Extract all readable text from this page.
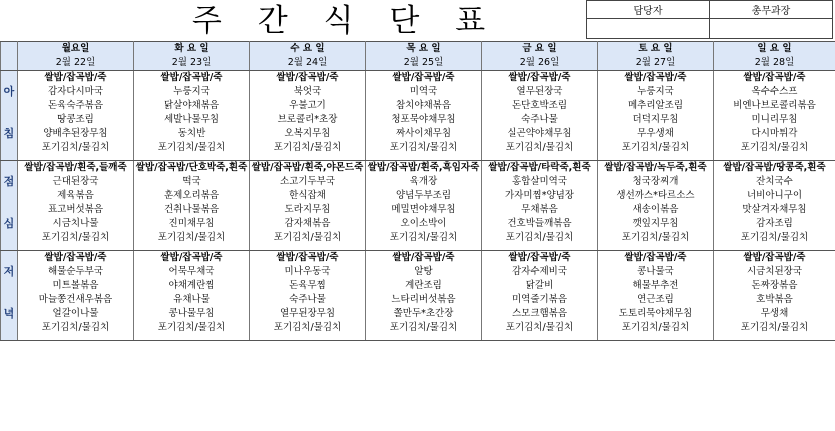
주 간 식 단 표	담당자	총무과장

	월요일	화 요 일	수 요 일	목 요 일	금 요 일	토 요 일	일 요 일
	2월 22일	2월 23일	2월 24일	2월 25일	2월 26일	2월 27일	2월 28일
	쌀밥/잡곡밥/죽	쌀밥/잡곡밥/죽	쌀밥/잡곡밥/죽	쌀밥/잡곡밥/죽	쌀밥/잡곡밥/죽	쌀밥/잡곡밥/죽	쌀밥/잡곡밥/죽
아	감자다시마국	누룽지국	북엇국	미역국	열무된장국	누룽지국	옥수수스프
	돈육숙주볶음	닭살야채볶음	우불고기	참치야채볶음	돈단호박조림	메추리알조림	비엔나브로콜리볶음
	땅콩조림	세발나물무침	브로콜리*초장	청포묵야채무침	숙주나물	더덕지무침	미니리무침
침	양배추된장무침	동치반	오복지무침	짜사이채무침	실곤약야채무침	무우생채	다시마튀각
	포기김치/물김치	포기김치/물김치	포기김치/물김치	포기김치/물김치	포기김치/물김치	포기김치/물김치	포기김치/물김치

	쌀밥/잡곡밥/흰죽,들깨죽	쌀밥/잡곡밥/단호박죽,흰죽	쌀밥/잡곡밥/흰죽,야몬드죽	쌀밥/잡곡밥/흰죽,흑임자죽	쌀밥/잡곡밥/타락죽,흰죽	쌀밥/잡곡밥/녹두죽,흰죽	쌀밥/잡곡밥/땅콩죽,흰죽
점	근대된장국	떡국	소고기두부국	육개장	홍합살미역국	청국장찌개	잔치국수
	제육볶음	훈제오리볶음	한식잡채	양념두부조림	가자미찜*양념장	생선까스*타르소스	너비아니구이
	표고버섯볶음	건취나물볶음	도라지무침	메밀면야채무침	무채볶음	새송이볶음	맛살겨자채무침
심	시금치나물	진미채무침	감자채볶음	오이소박이	건호박들깨볶음	깻잎지무침	감자조림
	포기김치/물김치	포기김치/물김치	포기김치/물김치	포기김치/물김치	포기김치/물김치	포기김치/물김치	포기김치/물김치

	쌀밥/잡곡밥/죽	쌀밥/잡곡밥/죽	쌀밥/잡곡밥/죽	쌀밥/잡곡밥/죽	쌀밥/잡곡밥/죽	쌀밥/잡곡밥/죽	쌀밥/잡곡밥/죽
저	해물순두부국	어묵무채국	미나우동국	알탕	감자수제비국	콩나물국	시금치된장국
	미트볼볶음	야채계란찜	돈육무찜	계란조림	닭갈비	해물부추전	돈짜장볶음
	마늘쫑건새우볶음	유채나물	숙주나물	느타리버섯볶음	미역줄기볶음	연근조림	호박볶음
녁	얼갈이나물	콩나물무침	열무된장무침	쫄만두*초간장	스모크햄볶음	도토리묵야채무침	무생채
	포기김치/물김치	포기김치/물김치	포기김치/물김치	포기김치/물김치	포기김치/물김치	포기김치/물김치	포기김치/물김치
